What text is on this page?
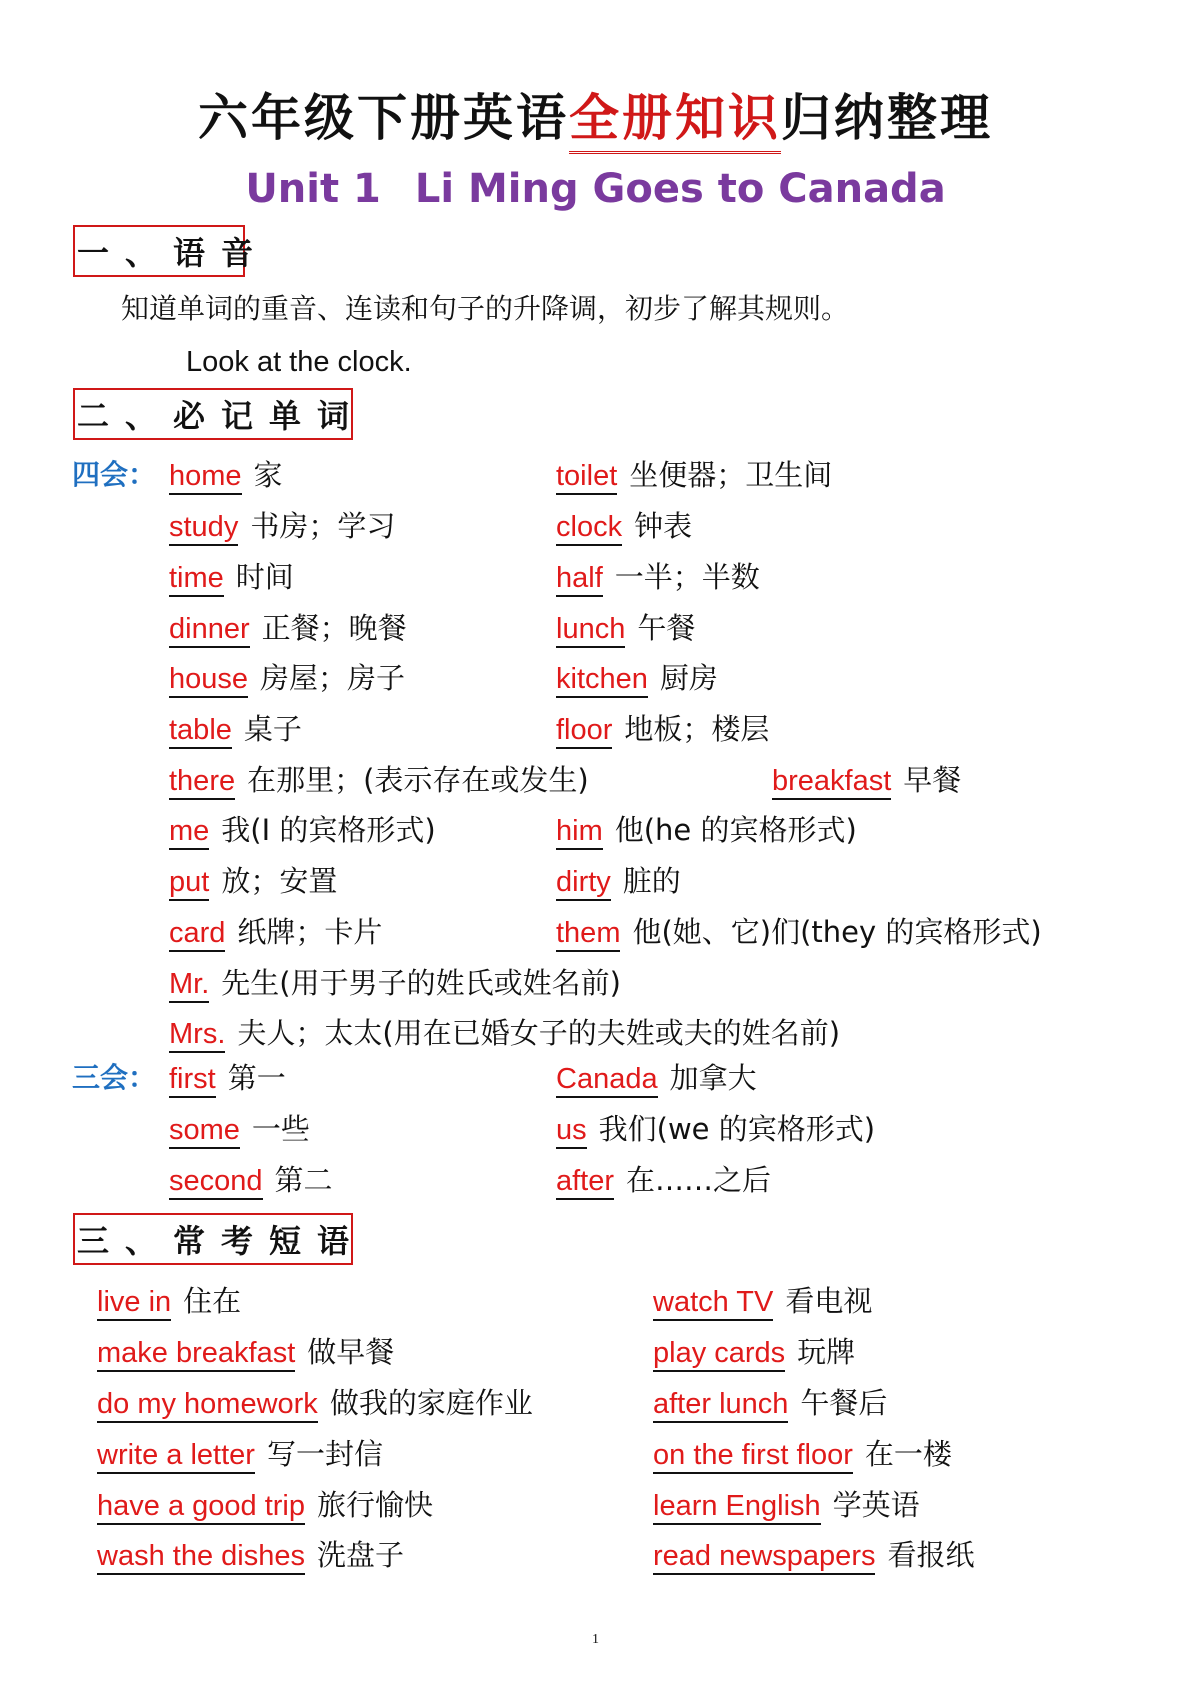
六年级下册英语全册知识归纳整理
Unit 1 Li Ming Goes to Canada
一、语音
知道单词的重音、连读和句子的升降调，初步了解其规则。
Look at the clock.
二、必记单词
四会：
三会：
home 家	toilet 坐便器；卫生间
study 书房；学习	clock 钟表
time 时间	half 一半；半数
dinner 正餐；晚餐	lunch 午餐
house 房屋；房子	kitchen 厨房
table 桌子	floor 地板；楼层
there 在那里；(表示存在或发生)	breakfast 早餐
me 我(I 的宾格形式)	him 他(he 的宾格形式)
put 放；安置	dirty 脏的
card 纸牌；卡片	them 他(她、它)们(they 的宾格形式)
Mr. 先生(用于男子的姓氏或姓名前)
Mrs. 夫人；太太(用在已婚女子的夫姓或夫的姓名前)
first 第一	Canada 加拿大
some 一些	us 我们(we 的宾格形式)
second 第二	after 在……之后
三、常考短语
live in 住在	watch TV 看电视
make breakfast 做早餐	play cards 玩牌
do my homework 做我的家庭作业	after lunch 午餐后
write a letter 写一封信	on the first floor 在一楼
have a good trip 旅行愉快	learn English 学英语
wash the dishes 洗盘子	read newspapers 看报纸
1
